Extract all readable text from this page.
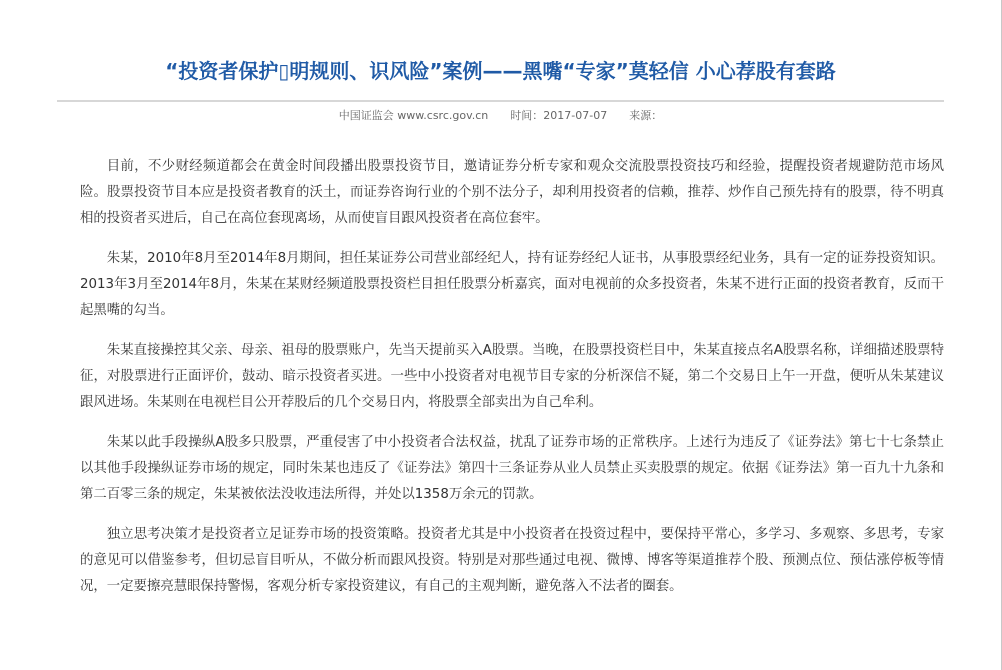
“投资者保护▯明规则、识风险”案例——黑嘴“专家”莫轻信 小心荐股有套路
中国证监会 www.csrc.gov.cn 时间：2017-07-07 来源：

目前，不少财经频道都会在黄金时间段播出股票投资节目，邀请证券分析专家和观众交流股票投资技巧和经验，提醒投资者规避防范市场风险。股票投资节目本应是投资者教育的沃土，而证券咨询行业的个别不法分子，却利用投资者的信赖，推荐、炒作自己预先持有的股票，待不明真相的投资者买进后，自己在高位套现离场，从而使盲目跟风投资者在高位套牢。

朱某，2010年8月至2014年8月期间，担任某证券公司营业部经纪人，持有证券经纪人证书，从事股票经纪业务，具有一定的证券投资知识。2013年3月至2014年8月，朱某在某财经频道股票投资栏目担任股票分析嘉宾，面对电视前的众多投资者，朱某不进行正面的投资者教育，反而干起黑嘴的勾当。

朱某直接操控其父亲、母亲、祖母的股票账户，先当天提前买入A股票。当晚，在股票投资栏目中，朱某直接点名A股票名称，详细描述股票特征，对股票进行正面评价，鼓动、暗示投资者买进。一些中小投资者对电视节目专家的分析深信不疑，第二个交易日上午一开盘，便听从朱某建议跟风进场。朱某则在电视栏目公开荐股后的几个交易日内，将股票全部卖出为自己牟利。

朱某以此手段操纵A股多只股票，严重侵害了中小投资者合法权益，扰乱了证券市场的正常秩序。上述行为违反了《证券法》第七十七条禁止以其他手段操纵证券市场的规定，同时朱某也违反了《证券法》第四十三条证券从业人员禁止买卖股票的规定。依据《证券法》第一百九十九条和第二百零三条的规定，朱某被依法没收违法所得，并处以1358万余元的罚款。

独立思考决策才是投资者立足证券市场的投资策略。投资者尤其是中小投资者在投资过程中，要保持平常心，多学习、多观察、多思考，专家的意见可以借鉴参考，但切忌盲目听从，不做分析而跟风投资。特别是对那些通过电视、微博、博客等渠道推荐个股、预测点位、预估涨停板等情况，一定要擦亮慧眼保持警惕，客观分析专家投资建议，有自己的主观判断，避免落入不法者的圈套。
